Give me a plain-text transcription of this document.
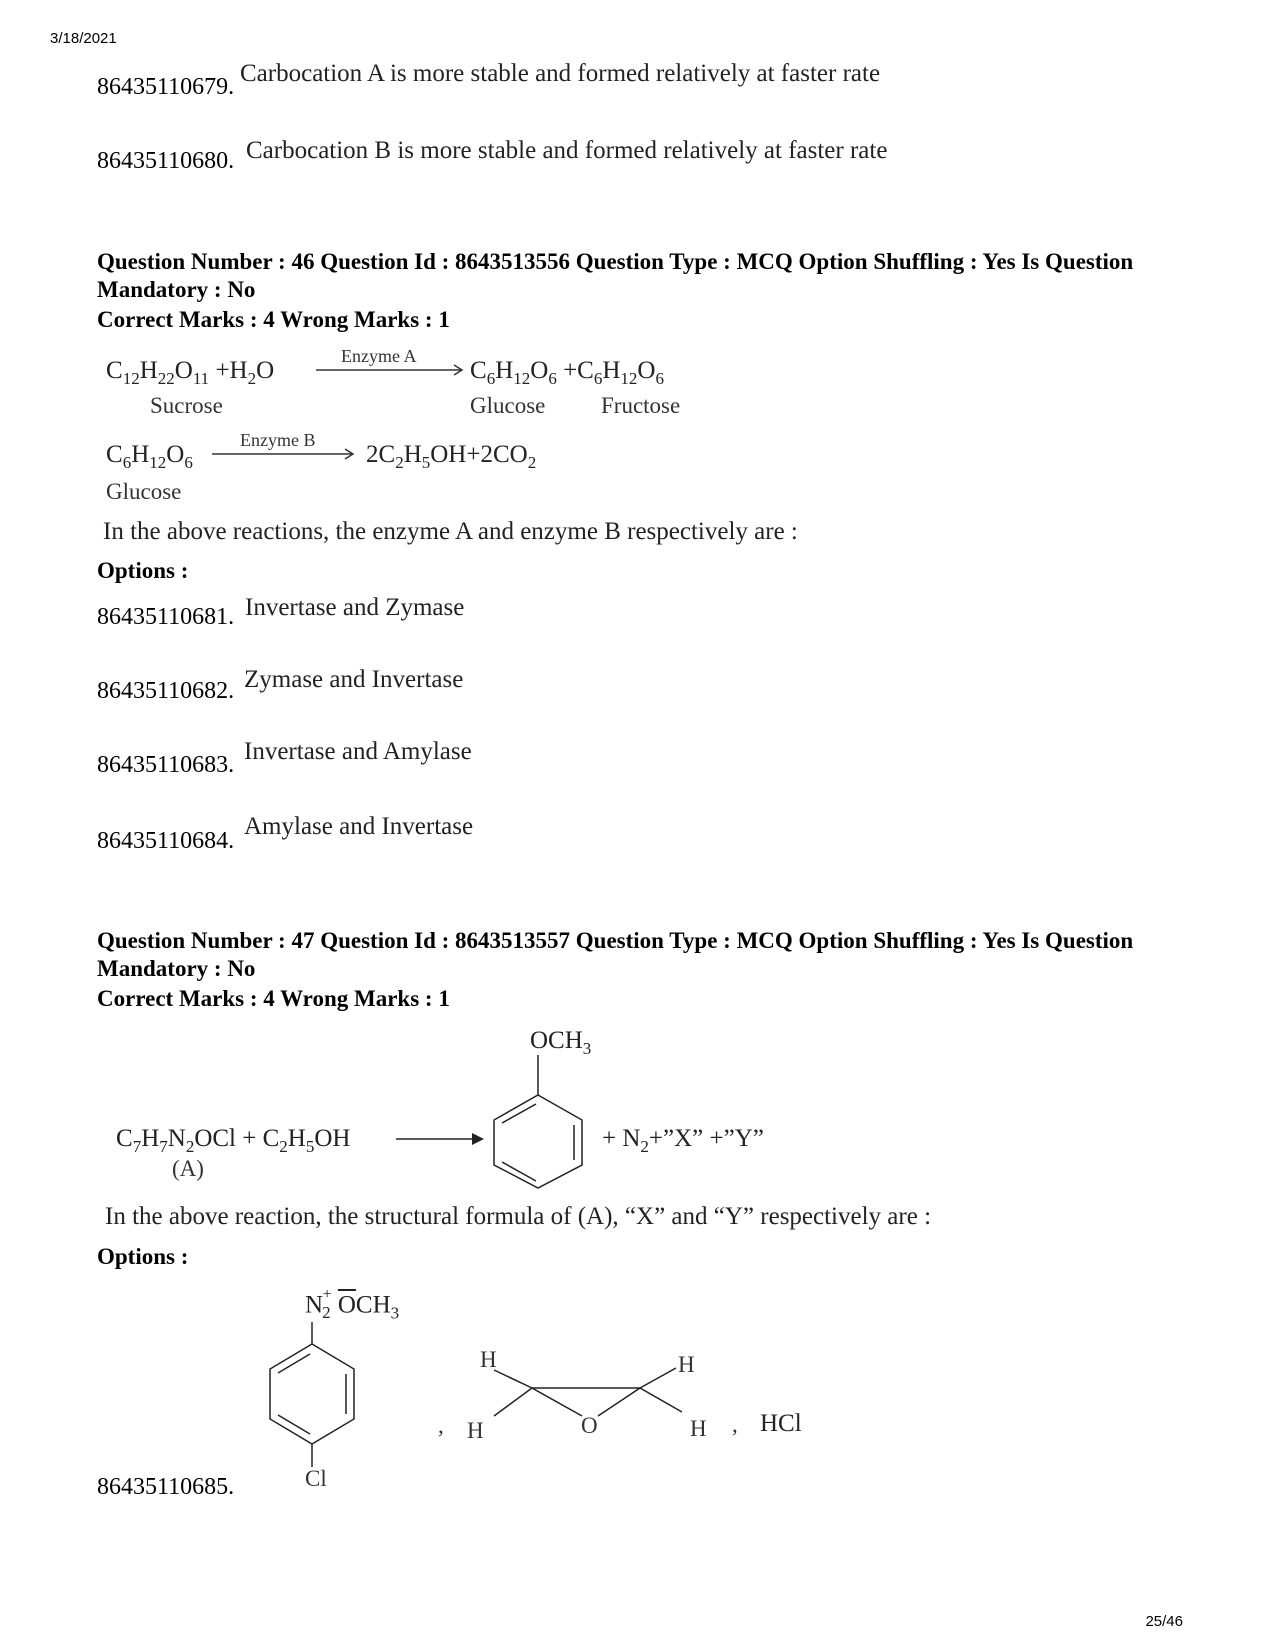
3/18/2021
86435110679. Carbocation A is more stable and formed relatively at faster rate
86435110680. Carbocation B is more stable and formed relatively at faster rate
Question Number : 46 Question Id : 8643513556 Question Type : MCQ Option Shuffling : Yes Is Question Mandatory : No
Correct Marks : 4 Wrong Marks : 1
$C_{12}H_{22}O_{11} +H_2O$
Enzyme A
$C_6H_{12}O_6 +C_6H_{12}O_6$
Sucrose	Glucose Fructose
$C_6H_{12}O_6$
Enzyme B
$2C_2H_5OH+2CO_2$
Glucose
In the above reactions, the enzyme A and enzyme B respectively are :
Options :
86435110681. Invertase and Zymase
86435110682. Zymase and Invertase
86435110683. Invertase and Amylase
86435110684.
Amylase and Invertase
Question Number : 47 Question Id : 8643513557 Question Type : MCQ Option Shuffling : Yes Is Question Mandatory : No
Correct Marks : 4 Wrong Marks : 1
$C_7H_7N_2OCl + C_2H_5OH$
(A)
$OCH_3$
+ $N_2+”X$” +”Y”
In the above reaction, the structural formula of (A), “X” and “Y” respectively are :
Options :
$N_2^+$ $\overline{O}CH_3$
Cl
,
H
H	O
H
H , HCl
86435110685.
25/46
